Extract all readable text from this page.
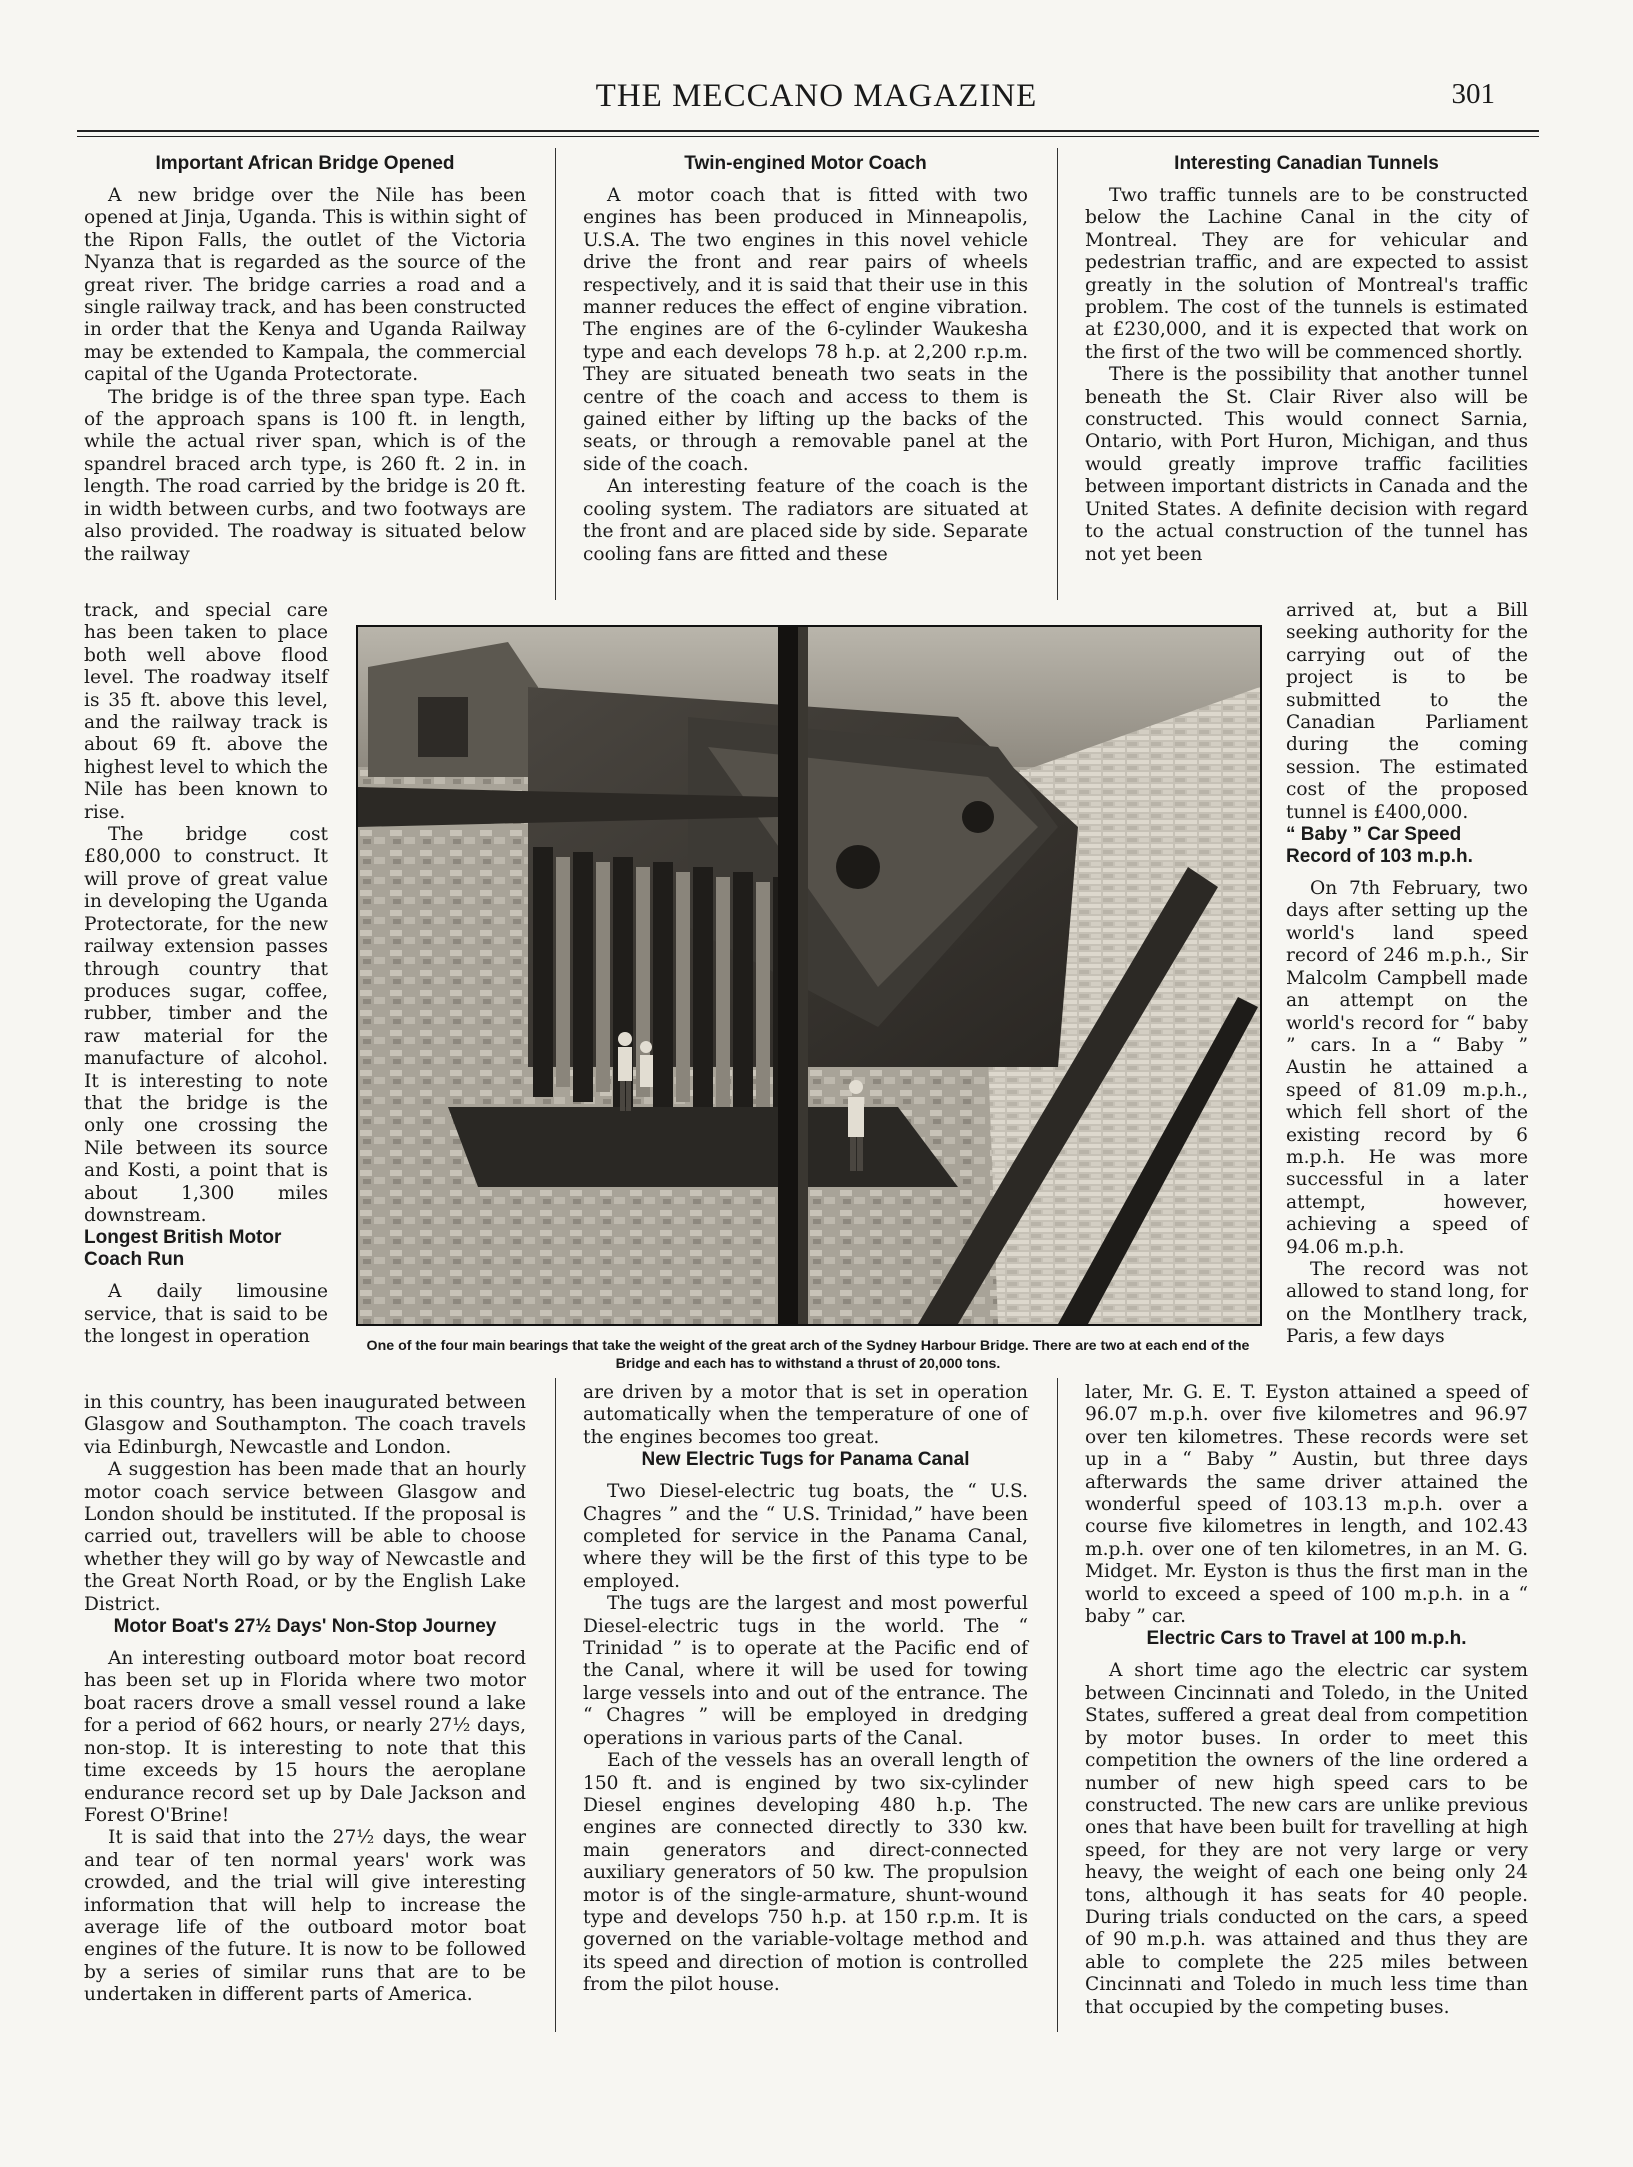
THE MECCANO MAGAZINE	301
Important African Bridge Opened

A new bridge over the Nile has been opened at Jinja, Uganda. This is within sight of the Ripon Falls, the outlet of the Victoria Nyanza that is regarded as the source of the great river. The bridge carries a road and a single railway track, and has been constructed in order that the Kenya and Uganda Railway may be extended to Kampala, the commercial capital of the Uganda Protectorate.

The bridge is of the three span type. Each of the approach spans is 100 ft. in length, while the actual river span, which is of the spandrel braced arch type, is 260 ft. 2 in. in length. The road carried by the bridge is 20 ft. in width between curbs, and two footways are also provided. The roadway is situated below the railway

track, and special care has been taken to place both well above flood level. The roadway itself is 35 ft. above this level, and the railway track is about 69 ft. above the highest level to which the Nile has been known to rise.

The bridge cost £80,000 to construct. It will prove of great value in developing the Uganda Protectorate, for the new railway extension passes through country that produces sugar, coffee, rubber, timber and the raw material for the manufacture of alcohol. It is interesting to note that the bridge is the only one crossing the Nile between its source and Kosti, a point that is about 1,300 miles downstream.

Longest British Motor Coach Run

A daily limousine service, that is said to be the longest in operation

in this country, has been inaugurated between Glasgow and Southampton. The coach travels via Edinburgh, Newcastle and London.

A suggestion has been made that an hourly motor coach service between Glasgow and London should be instituted. If the proposal is carried out, travellers will be able to choose whether they will go by way of Newcastle and the Great North Road, or by the English Lake District.

Motor Boat's 27½ Days' Non-Stop Journey

An interesting outboard motor boat record has been set up in Florida where two motor boat racers drove a small vessel round a lake for a period of 662 hours, or nearly 27½ days, non-stop. It is interesting to note that this time exceeds by 15 hours the aeroplane endurance record set up by Dale Jackson and Forest O'Brine!

It is said that into the 27½ days, the wear and tear of ten normal years' work was crowded, and the trial will give interesting information that will help to increase the average life of the outboard motor boat engines of the future. It is now to be followed by a series of similar runs that are to be undertaken in different parts of America.

Twin-engined Motor Coach

A motor coach that is fitted with two engines has been produced in Minneapolis, U.S.A. The two engines in this novel vehicle drive the front and rear pairs of wheels respectively, and it is said that their use in this manner reduces the effect of engine vibration. The engines are of the 6-cylinder Waukesha type and each develops 78 h.p. at 2,200 r.p.m. They are situated beneath two seats in the centre of the coach and access to them is gained either by lifting up the backs of the seats, or through a removable panel at the side of the coach.

An interesting feature of the coach is the cooling system. The radiators are situated at the front and are placed side by side. Separate cooling fans are fitted and these

are driven by a motor that is set in operation automatically when the temperature of one of the engines becomes too great.

New Electric Tugs for Panama Canal

Two Diesel-electric tug boats, the “ U.S. Chagres ” and the “ U.S. Trinidad,” have been completed for service in the Panama Canal, where they will be the first of this type to be employed.

The tugs are the largest and most powerful Diesel-electric tugs in the world. The “ Trinidad ” is to operate at the Pacific end of the Canal, where it will be used for towing large vessels into and out of the entrance. The “ Chagres ” will be employed in dredging operations in various parts of the Canal.

Each of the vessels has an overall length of 150 ft. and is engined by two six-cylinder Diesel engines developing 480 h.p. The engines are connected directly to 330 kw. main generators and direct-connected auxiliary generators of 50 kw. The propulsion motor is of the single-armature, shunt-wound type and develops 750 h.p. at 150 r.p.m. It is governed on the variable-voltage method and its speed and direction of motion is controlled from the pilot house.

Interesting Canadian Tunnels

Two traffic tunnels are to be constructed below the Lachine Canal in the city of Montreal. They are for vehicular and pedestrian traffic, and are expected to assist greatly in the solution of Montreal's traffic problem. The cost of the tunnels is estimated at £230,000, and it is expected that work on the first of the two will be commenced shortly.

There is the possibility that another tunnel beneath the St. Clair River also will be constructed. This would connect Sarnia, Ontario, with Port Huron, Michigan, and thus would greatly improve traffic facilities between important districts in Canada and the United States. A definite decision with regard to the actual construction of the tunnel has not yet been

arrived at, but a Bill seeking authority for the carrying out of the project is to be submitted to the Canadian Parliament during the coming session. The estimated cost of the proposed tunnel is £400,000.

“ Baby ” Car Speed Record of 103 m.p.h.

On 7th February, two days after setting up the world's land speed record of 246 m.p.h., Sir Malcolm Campbell made an attempt on the world's record for “ baby ” cars. In a “ Baby ” Austin he attained a speed of 81.09 m.p.h., which fell short of the existing record by 6 m.p.h. He was more successful in a later attempt, however, achieving a speed of 94.06 m.p.h.

The record was not allowed to stand long, for on the Montlhery track, Paris, a few days

later, Mr. G. E. T. Eyston attained a speed of 96.07 m.p.h. over five kilometres and 96.97 over ten kilometres. These records were set up in a “ Baby ” Austin, but three days afterwards the same driver attained the wonderful speed of 103.13 m.p.h. over a course five kilometres in length, and 102.43 m.p.h. over one of ten kilometres, in an M. G. Midget. Mr. Eyston is thus the first man in the world to exceed a speed of 100 m.p.h. in a “ baby ” car.

Electric Cars to Travel at 100 m.p.h.

A short time ago the electric car system between Cincinnati and Toledo, in the United States, suffered a great deal from competition by motor buses. In order to meet this competition the owners of the line ordered a number of new high speed cars to be constructed. The new cars are unlike previous ones that have been built for travelling at high speed, for they are not very large or very heavy, the weight of each one being only 24 tons, although it has seats for 40 people. During trials conducted on the cars, a speed of 90 m.p.h. was attained and thus they are able to complete the 225 miles between Cincinnati and Toledo in much less time than that occupied by the competing buses.

One of the four main bearings that take the weight of the great arch of the Sydney Harbour Bridge. There are two at each end of the Bridge and each has to withstand a thrust of 20,000 tons.
